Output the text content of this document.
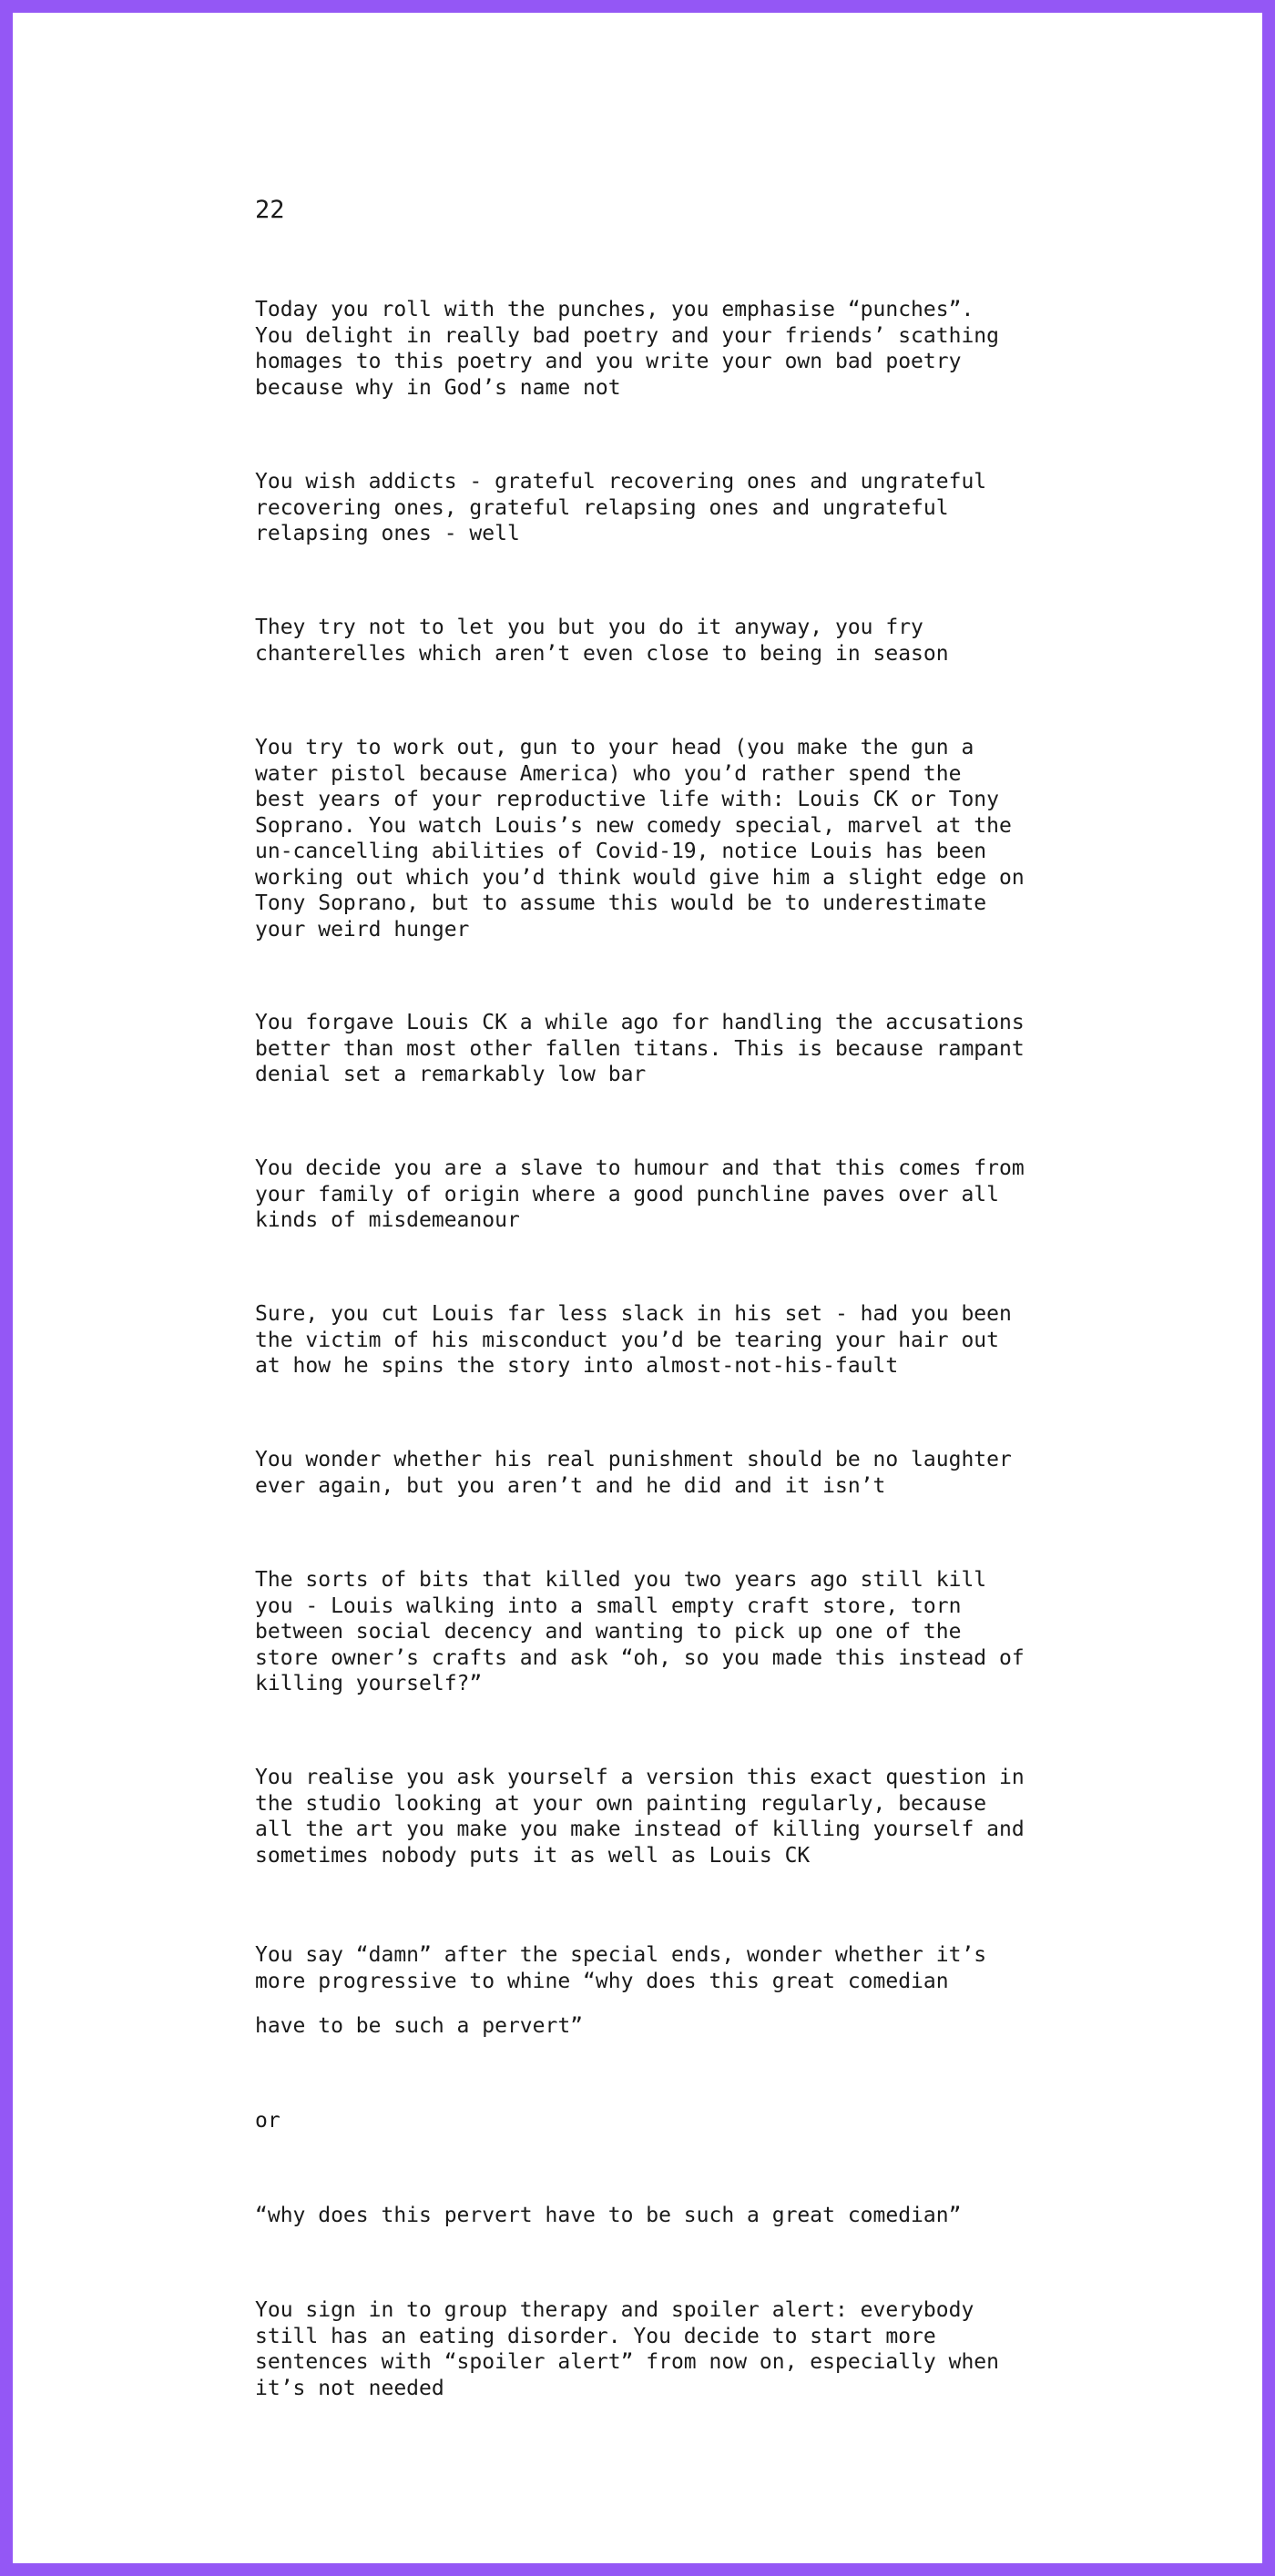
22

Today you roll with the punches, you emphasise “punches”.
You delight in really bad poetry and your friends’ scathing
homages to this poetry and you write your own bad poetry
because why in God’s name not

You wish addicts - grateful recovering ones and ungrateful
recovering ones, grateful relapsing ones and ungrateful
relapsing ones - well

They try not to let you but you do it anyway, you fry
chanterelles which aren’t even close to being in season

You try to work out, gun to your head (you make the gun a
water pistol because America) who you’d rather spend the
best years of your reproductive life with: Louis CK or Tony
Soprano. You watch Louis’s new comedy special, marvel at the
un-cancelling abilities of Covid-19, notice Louis has been
working out which you’d think would give him a slight edge on
Tony Soprano, but to assume this would be to underestimate
your weird hunger

You forgave Louis CK a while ago for handling the accusations
better than most other fallen titans. This is because rampant
denial set a remarkably low bar

You decide you are a slave to humour and that this comes from
your family of origin where a good punchline paves over all
kinds of misdemeanour

Sure, you cut Louis far less slack in his set - had you been
the victim of his misconduct you’d be tearing your hair out
at how he spins the story into almost-not-his-fault

You wonder whether his real punishment should be no laughter
ever again, but you aren’t and he did and it isn’t

The sorts of bits that killed you two years ago still kill
you - Louis walking into a small empty craft store, torn
between social decency and wanting to pick up one of the
store owner’s crafts and ask “oh, so you made this instead of
killing yourself?”

You realise you ask yourself a version this exact question in
the studio looking at your own painting regularly, because
all the art you make you make instead of killing yourself and
sometimes nobody puts it as well as Louis CK

You say “damn” after the special ends, wonder whether it’s
more progressive to whine “why does this great comedian

have to be such a pervert”

or

“why does this pervert have to be such a great comedian”

You sign in to group therapy and spoiler alert: everybody
still has an eating disorder. You decide to start more
sentences with “spoiler alert” from now on, especially when
it’s not needed
